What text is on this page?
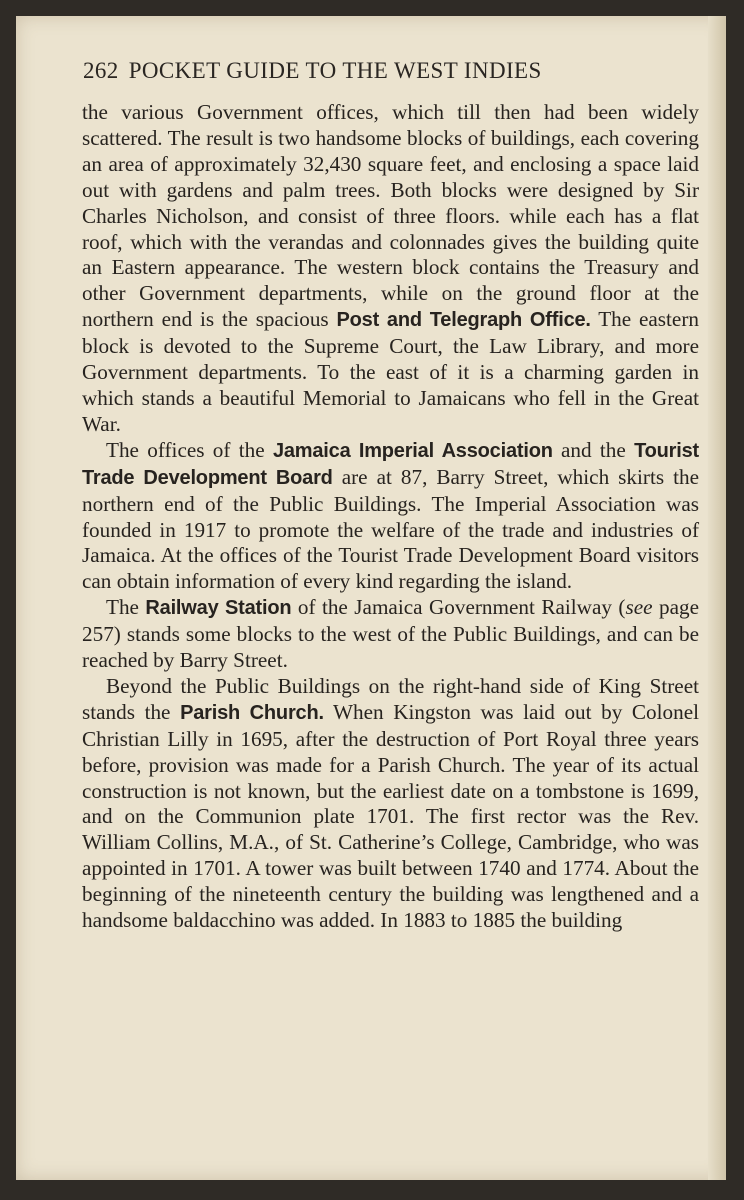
262 POCKET GUIDE TO THE WEST INDIES

the various Government offices, which till then had been widely scattered. The result is two handsome blocks of buildings, each covering an area of approximately 32,430 square feet, and enclosing a space laid out with gardens and palm trees. Both blocks were designed by Sir Charles Nicholson, and consist of three floors. while each has a flat roof, which with the verandas and colonnades gives the building quite an Eastern appearance. The western block contains the Treasury and other Government departments, while on the ground floor at the northern end is the spacious Post and Telegraph Office. The eastern block is devoted to the Supreme Court, the Law Library, and more Government departments. To the east of it is a charming garden in which stands a beautiful Memorial to Jamaicans who fell in the Great War.

The offices of the Jamaica Imperial Association and the Tourist Trade Development Board are at 87, Barry Street, which skirts the northern end of the Public Buildings. The Imperial Association was founded in 1917 to promote the welfare of the trade and industries of Jamaica. At the offices of the Tourist Trade Development Board visitors can obtain information of every kind regarding the island.

The Railway Station of the Jamaica Government Railway (see page 257) stands some blocks to the west of the Public Buildings, and can be reached by Barry Street.

Beyond the Public Buildings on the right-hand side of King Street stands the Parish Church. When Kingston was laid out by Colonel Christian Lilly in 1695, after the destruction of Port Royal three years before, provision was made for a Parish Church. The year of its actual construction is not known, but the earliest date on a tombstone is 1699, and on the Communion plate 1701. The first rector was the Rev. William Collins, M.A., of St. Catherine’s College, Cambridge, who was appointed in 1701. A tower was built between 1740 and 1774. About the beginning of the nineteenth century the building was lengthened and a handsome baldacchino was added. In 1883 to 1885 the building
